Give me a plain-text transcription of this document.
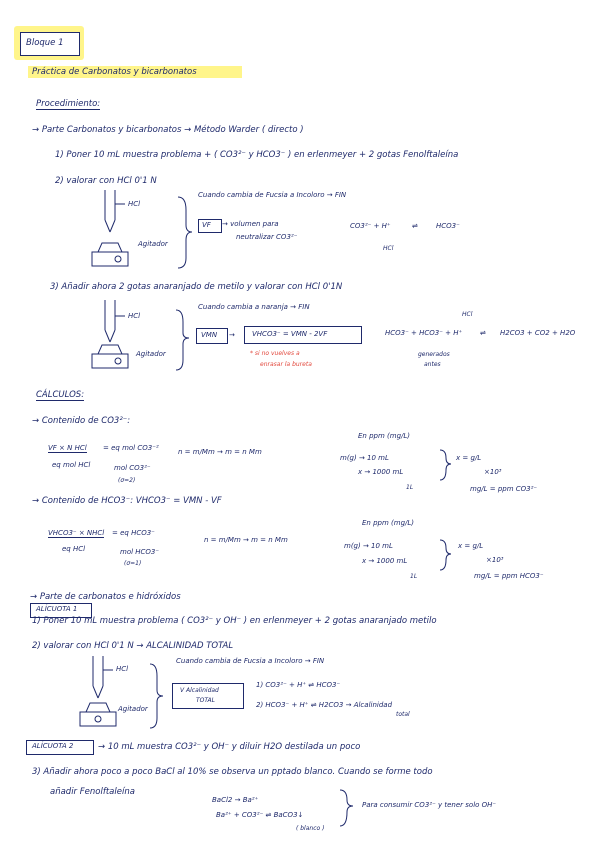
Bloque 1
Práctica de Carbonatos y bicarbonatos
Procedimiento:
→ Parte Carbonatos y bicarbonatos → Método Warder ( directo )
1) Poner 10 mL muestra problema + ( CO3²⁻ y HCO3⁻ ) en erlenmeyer + 2 gotas Fenolftaleína
2) valorar con HCl 0'1 N
HCl
Agitador
Cuando cambia de Fucsia a Incoloro → FIN
VF → volumen para
neutralizar CO3²⁻
CO3²⁻ + H⁺	⇌	HCO3⁻
HCl
3) Añadir ahora 2 gotas anaranjado de metilo y valorar con HCl 0'1N
HCl
Agitador
Cuando cambia a naranja → FIN
VMN → VHCO3⁻ = VMN - 2VF
* si no vuelves a
enrasar la bureta
HCl
HCO3⁻ + HCO3⁻ + H⁺	⇌ H2CO3 + CO2 + H2O
generados
antes
CÁLCULOS:
→ Contenido de CO3²⁻:
VF × N HCl
eq mol HCl
= eq mol CO3⁻²
mol CO3²⁻
(σ=2)
n = m/Mm → m = n Mm
En ppm (mg/L)
m(g) → 10 mL
x → 1000 mL
1L
x = g/L
×10³
mg/L = ppm CO3²⁻
→ Contenido de HCO3⁻: VHCO3⁻ = VMN - VF
VHCO3⁻ × NHCl
eq HCl
= eq HCO3⁻
mol HCO3⁻
(σ=1)
n = m/Mm → m = n Mm
En ppm (mg/L)
m(g) → 10 mL
x → 1000 mL
1L
x = g/L
×10³
mg/L = ppm HCO3⁻
→ Parte de carbonatos e hidróxidos
ALÍCUOTA 1
1) Poner 10 mL muestra problema ( CO3²⁻ y OH⁻ ) en erlenmeyer + 2 gotas anaranjado metilo
2) valorar con HCl 0'1 N → ALCALINIDAD TOTAL
HCl
Agitador
Cuando cambia de Fucsia a Incoloro → FIN
V Alcalinidad
TOTAL
1) CO3²⁻ + H⁺ ⇌ HCO3⁻
2) HCO3⁻ + H⁺ ⇌ H2CO3 → Alcalinidad
total
ALÍCUOTA 2	→ 10 mL muestra CO3²⁻ y OH⁻ y diluir H2O destilada un poco
3) Añadir ahora poco a poco BaCl al 10% se observa un pptado blanco. Cuando se forme todo
añadir Fenolftaleína
BaCl2 → Ba²⁺
Ba²⁺ + CO3²⁻ ⇌ BaCO3↓
( blanco )
Para consumir CO3²⁻ y tener solo OH⁻
